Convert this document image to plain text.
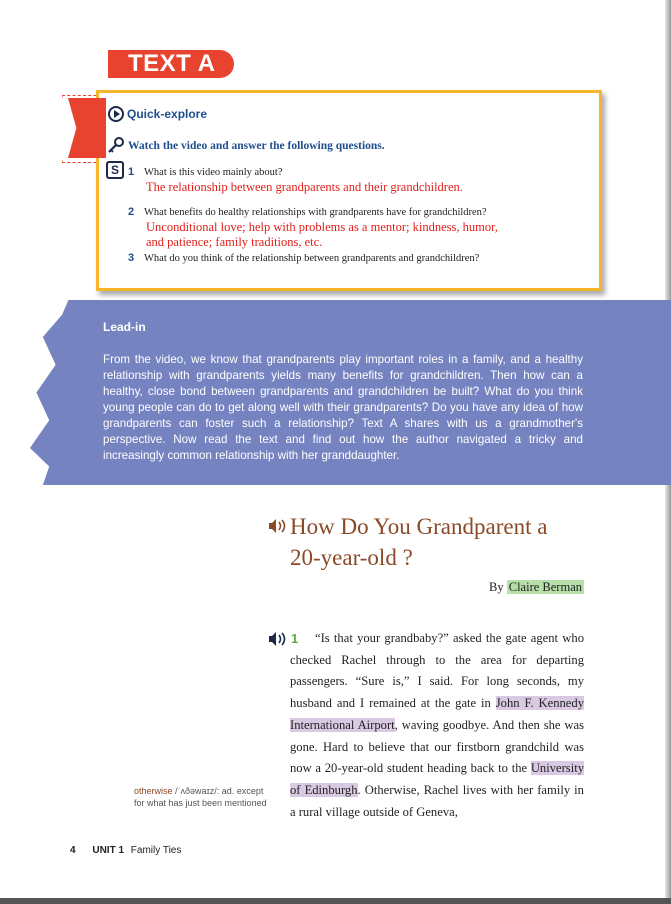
TEXT A
Quick-explore
Watch the video and answer the following questions.
S 1 What is this video mainly about?
The relationship between grandparents and their grandchildren.
2 What benefits do healthy relationships with grandparents have for grandchildren?
Unconditional love; help with problems as a mentor; kindness, humor,
and patience; family traditions, etc.
3 What do you think of the relationship between grandparents and grandchildren?
Lead-in
From the video, we know that grandparents play important roles in a family, and a healthy relationship with grandparents yields many benefits for grandchildren. Then how can a healthy, close bond between grandparents and grandchildren be built? What do you think young people can do to get along well with their grandparents? Do you have any idea of how grandparents can foster such a relationship? Text A shares with us a grandmother's perspective. Now read the text and find out how the author navigated a tricky and increasingly common relationship with her granddaughter.
How Do You Grandparent a
20-year-old ?
By Claire Berman
1	“Is that your grandbaby?” asked the gate agent who checked Rachel through to the area for departing passengers. “Sure is,” I said. For long seconds, my husband and I remained at the gate in John F. Kennedy International Airport, waving goodbye. And then she was gone. Hard to believe that our firstborn grandchild was now a 20-year-old student heading back to the University of Edinburgh. Otherwise, Rachel lives with her family in a rural village outside of Geneva,
otherwise /ˈʌðəwaɪz/: ad. except for what has just been mentioned
4 UNIT 1 Family Ties
